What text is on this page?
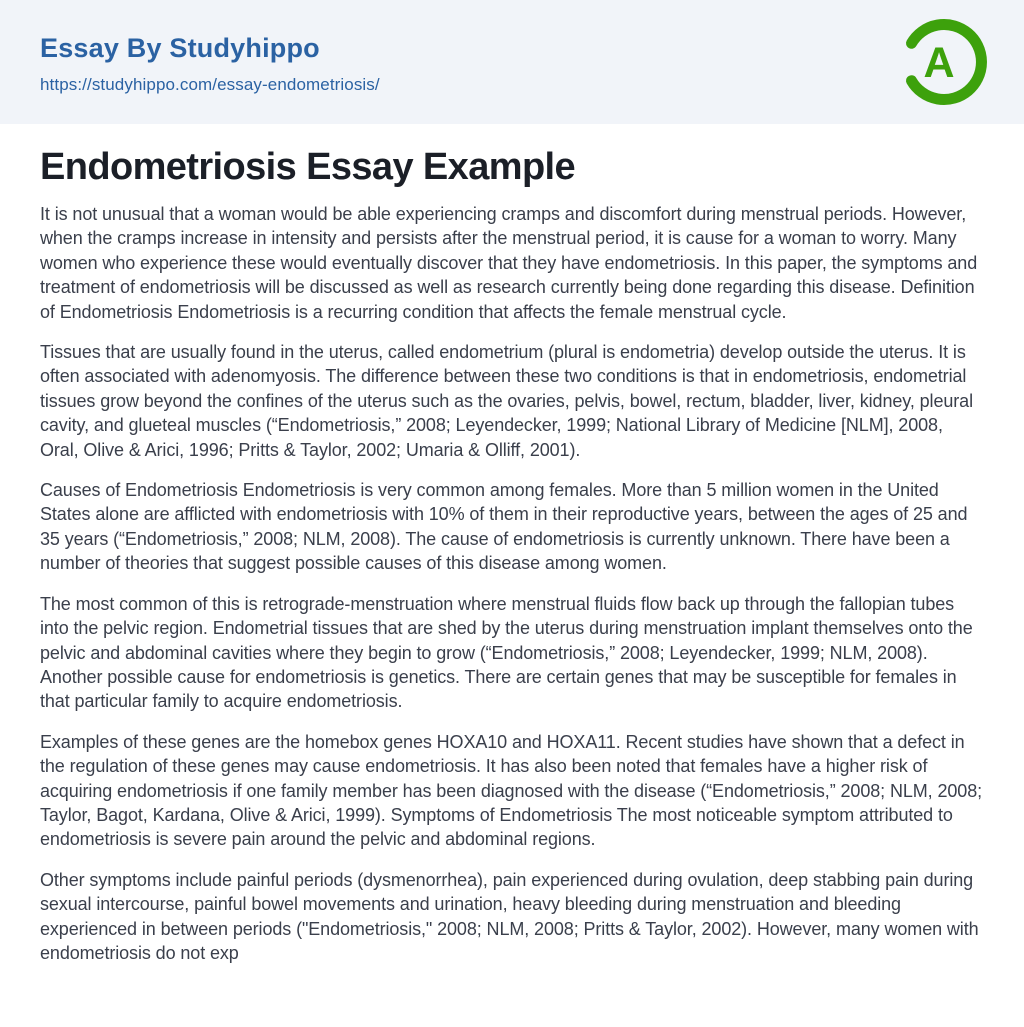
Essay By Studyhippo
https://studyhippo.com/essay-endometriosis/	A
Endometriosis Essay Example

It is not unusual that a woman would be able experiencing cramps and discomfort during menstrual periods. However, when the cramps increase in intensity and persists after the menstrual period, it is cause for a woman to worry. Many women who experience these would eventually discover that they have endometriosis. In this paper, the symptoms and treatment of endometriosis will be discussed as well as research currently being done regarding this disease. Definition of Endometriosis Endometriosis is a recurring condition that affects the female menstrual cycle.

Tissues that are usually found in the uterus, called endometrium (plural is endometria) develop outside the uterus. It is often associated with adenomyosis. The difference between these two conditions is that in endometriosis, endometrial tissues grow beyond the confines of the uterus such as the ovaries, pelvis, bowel, rectum, bladder, liver, kidney, pleural cavity, and glueteal muscles (“Endometriosis,” 2008; Leyendecker, 1999; National Library of Medicine [NLM], 2008, Oral, Olive & Arici, 1996; Pritts & Taylor, 2002; Umaria & Olliff, 2001).

Causes of Endometriosis Endometriosis is very common among females. More than 5 million women in the United States alone are afflicted with endometriosis with 10% of them in their reproductive years, between the ages of 25 and 35 years (“Endometriosis,” 2008; NLM, 2008). The cause of endometriosis is currently unknown. There have been a number of theories that suggest possible causes of this disease among women.

The most common of this is retrograde-menstruation where menstrual fluids flow back up through the fallopian tubes into the pelvic region. Endometrial tissues that are shed by the uterus during menstruation implant themselves onto the pelvic and abdominal cavities where they begin to grow (“Endometriosis,” 2008; Leyendecker, 1999; NLM, 2008). Another possible cause for endometriosis is genetics. There are certain genes that may be susceptible for females in that particular family to acquire endometriosis.

Examples of these genes are the homebox genes HOXA10 and HOXA11. Recent studies have shown that a defect in the regulation of these genes may cause endometriosis. It has also been noted that females have a higher risk of acquiring endometriosis if one family member has been diagnosed with the disease (“Endometriosis,” 2008; NLM, 2008; Taylor, Bagot, Kardana, Olive & Arici, 1999). Symptoms of Endometriosis The most noticeable symptom attributed to endometriosis is severe pain around the pelvic and abdominal regions.

Other symptoms include painful periods (dysmenorrhea), pain experienced during ovulation, deep stabbing pain during sexual intercourse, painful bowel movements and urination, heavy bleeding during menstruation and bleeding experienced in between periods ("Endometriosis," 2008; NLM, 2008; Pritts & Taylor, 2002). However, many women with endometriosis do not exp
